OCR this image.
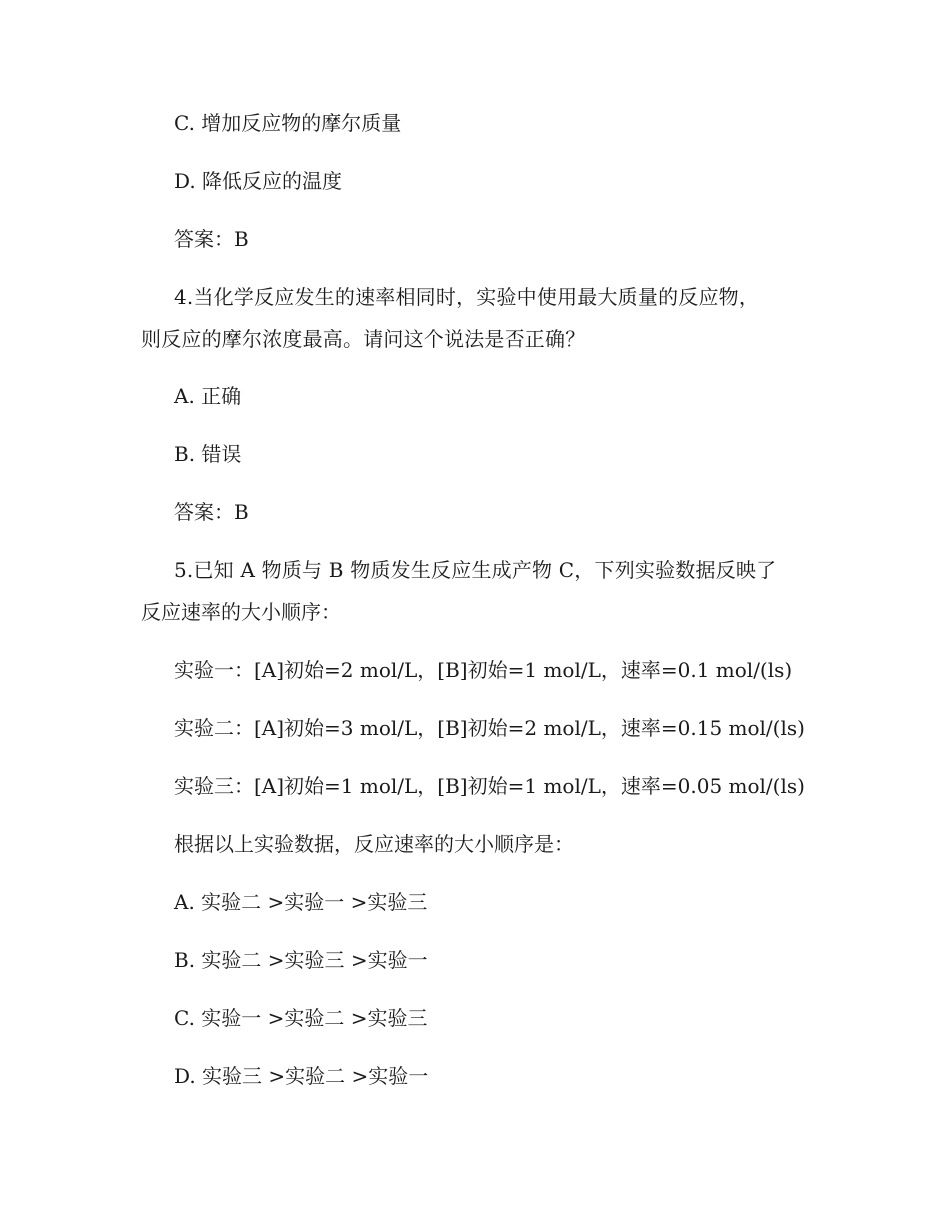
C. 增加反应物的摩尔质量
D. 降低反应的温度
答案：B
4.当化学反应发生的速率相同时，实验中使用最大质量的反应物，
则反应的摩尔浓度最高。请问这个说法是否正确？
A. 正确
B. 错误
答案：B
5.已知 A 物质与 B 物质发生反应生成产物 C，下列实验数据反映了
反应速率的大小顺序：
实验一：[A]初始=2 mol/L，[B]初始=1 mol/L，速率=0.1 mol/(ls)
实验二：[A]初始=3 mol/L，[B]初始=2 mol/L，速率=0.15 mol/(ls)
实验三：[A]初始=1 mol/L，[B]初始=1 mol/L，速率=0.05 mol/(ls)
根据以上实验数据，反应速率的大小顺序是：
A. 实验二 >实验一 >实验三
B. 实验二 >实验三 >实验一
C. 实验一 >实验二 >实验三
D. 实验三 >实验二 >实验一
